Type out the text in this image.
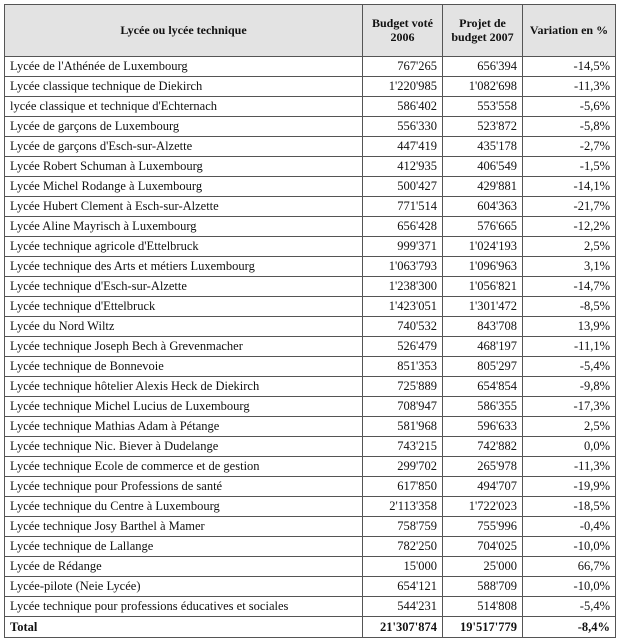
Lycée ou lycée technique	Budget voté 2006	Projet de budget 2007	Variation en %
Lycée de l'Athénée de Luxembourg	767'265	656'394	-14,5%
Lycée classique technique de Diekirch	1'220'985	1'082'698	-11,3%
lycée classique et technique d'Echternach	586'402	553'558	-5,6%
Lycée de garçons de Luxembourg	556'330	523'872	-5,8%
Lycée de garçons d'Esch-sur-Alzette	447'419	435'178	-2,7%
Lycée Robert Schuman à Luxembourg	412'935	406'549	-1,5%
Lycée Michel Rodange à Luxembourg	500'427	429'881	-14,1%
Lycée Hubert Clement à Esch-sur-Alzette	771'514	604'363	-21,7%
Lycée Aline Mayrisch à Luxembourg	656'428	576'665	-12,2%
Lycée technique agricole d'Ettelbruck	999'371	1'024'193	2,5%
Lycée technique des Arts et métiers Luxembourg	1'063'793	1'096'963	3,1%
Lycée technique d'Esch-sur-Alzette	1'238'300	1'056'821	-14,7%
Lycée technique d'Ettelbruck	1'423'051	1'301'472	-8,5%
Lycée du Nord Wiltz	740'532	843'708	13,9%
Lycée technique Joseph Bech à Grevenmacher	526'479	468'197	-11,1%
Lycée technique de Bonnevoie	851'353	805'297	-5,4%
Lycée technique hôtelier Alexis Heck de Diekirch	725'889	654'854	-9,8%
Lycée technique Michel Lucius de Luxembourg	708'947	586'355	-17,3%
Lycée technique Mathias Adam à Pétange	581'968	596'633	2,5%
Lycée technique Nic. Biever à Dudelange	743'215	742'882	0,0%
Lycée technique Ecole de commerce et de gestion	299'702	265'978	-11,3%
Lycée technique pour Professions de santé	617'850	494'707	-19,9%
Lycée technique du Centre à Luxembourg	2'113'358	1'722'023	-18,5%
Lycée technique Josy Barthel à Mamer	758'759	755'996	-0,4%
Lycée technique de Lallange	782'250	704'025	-10,0%
Lycée de Rédange	15'000	25'000	66,7%
Lycée-pilote (Neie Lycée)	654'121	588'709	-10,0%
Lycée technique pour professions éducatives et sociales	544'231	514'808	-5,4%
Total	21'307'874	19'517'779	-8,4%
